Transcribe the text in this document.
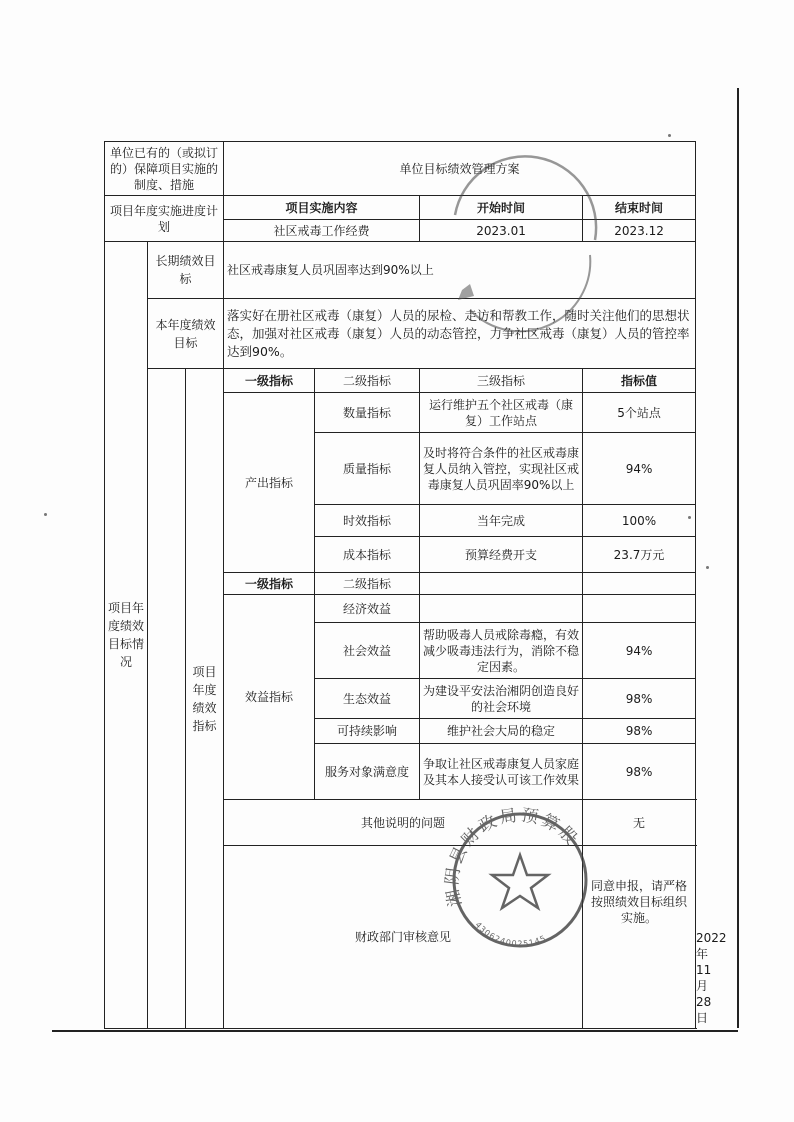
单位已有的（或拟订的）保障项目实施的制度、措施			单位目标绩效管理方案			
项目年度实施进度计划			项目实施内容		开始时间	结束时间
			社区戒毒工作经费		2023.01	2023.12
项目年度绩效目标情况	长期绩效目标		社区戒毒康复人员巩固率达到90%以上			
	本年度绩效目标		落实好在册社区戒毒（康复）人员的尿检、走访和帮教工作，随时关注他们的思想状态，加强对社区戒毒（康复）人员的动态管控，力争社区戒毒（康复）人员的管控率达到90%。			
		项目年度绩效指标	一级指标	二级指标	三级指标	指标值
			产出指标	数量指标	运行维护五个社区戒毒（康复）工作站点	5个站点
				质量指标	及时将符合条件的社区戒毒康复人员纳入管控，实现社区戒毒康复人员巩固率90%以上	94%
				时效指标	当年完成	100%
				成本指标	预算经费开支	23.7万元
			一级指标	二级指标		
			效益指标	经济效益		
				社会效益	帮助吸毒人员戒除毒瘾，有效减少吸毒违法行为，消除不稳定因素。	94%
				生态效益	为建设平安法治湘阴创造良好的社会环境	98%
				可持续影响	维护社会大局的稳定	98%
				服务对象满意度	争取让社区戒毒康复人员家庭及其本人接受认可该工作效果	98%
			其他说明的问题			无
			财政部门审核意见			同意申报，请严格按照绩效目标组织实施。
2022年11月28日
湘阴县财政局预算股
4306240025145
